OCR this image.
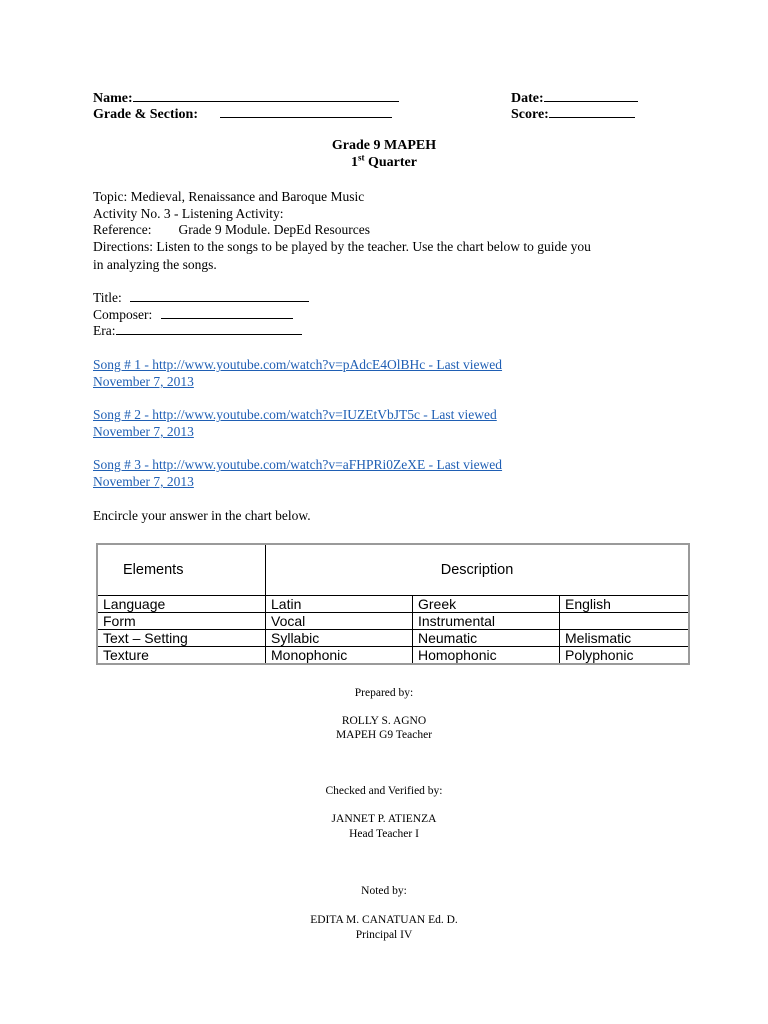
Name:	Date:
Grade & Section:	Score:
Grade 9 MAPEH
1st Quarter
Topic: Medieval, Renaissance and Baroque Music
Activity No. 3 - Listening Activity:
Reference: Grade 9 Module. DepEd Resources
Directions: Listen to the songs to be played by the teacher. Use the chart below to guide you
in analyzing the songs.
Title:
Composer:
Era:
Song # 1 - http://www.youtube.com/watch?v=pAdcE4OlBHc - Last viewed
November 7, 2013
Song # 2 - http://www.youtube.com/watch?v=IUZEtVbJT5c - Last viewed
November 7, 2013
Song # 3 - http://www.youtube.com/watch?v=aFHPRi0ZeXE - Last viewed
November 7, 2013
Encircle your answer in the chart below.
Elements	Description		
Language	Latin	Greek	English
Form	Vocal	Instrumental	
Text – Setting	Syllabic	Neumatic	Melismatic
Texture	Monophonic	Homophonic	Polyphonic
Prepared by:
ROLLY S. AGNO
MAPEH G9 Teacher
Checked and Verified by:
JANNET P. ATIENZA
Head Teacher I
Noted by:
EDITA M. CANATUAN Ed. D.
Principal IV
